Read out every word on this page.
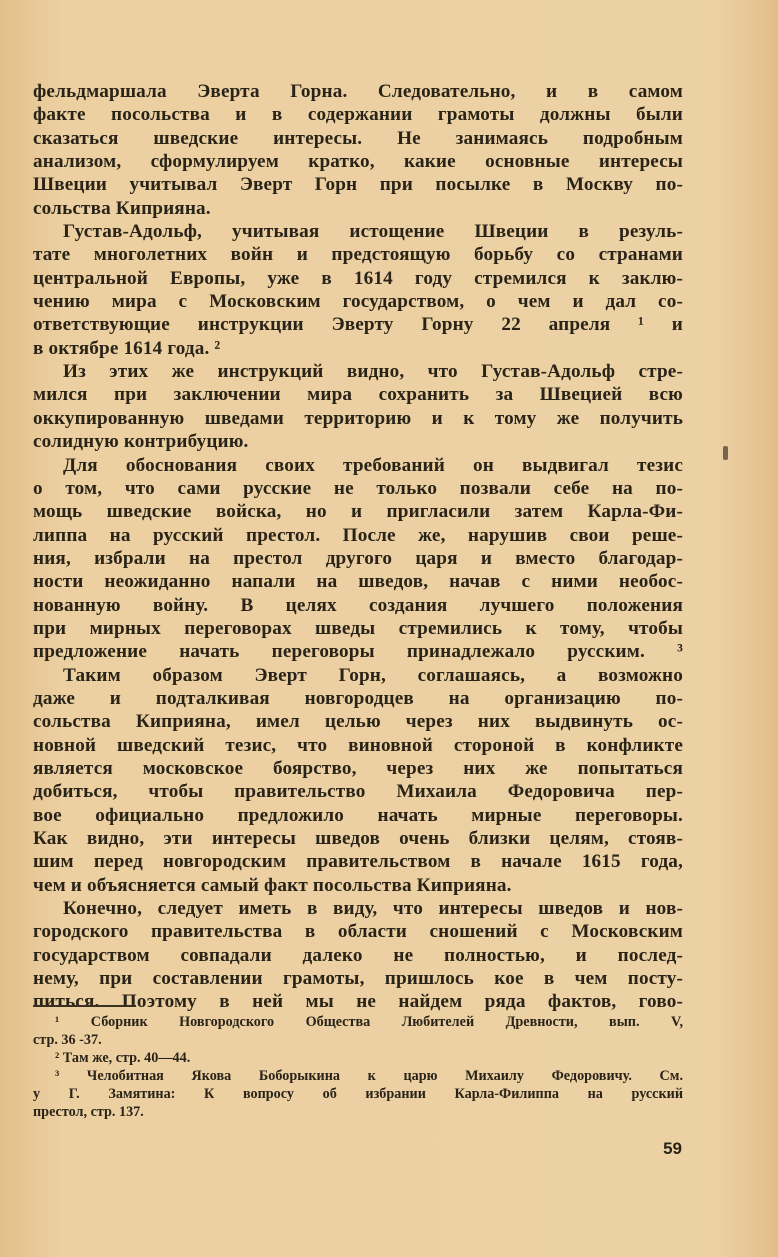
фельдмаршала Эверта Горна. Следовательно, и в самом
факте посольства и в содержании грамоты должны были
сказаться шведские интересы. Не занимаясь подробным
анализом, сформулируем кратко, какие основные интересы
Швеции учитывал Эверт Горн при посылке в Москву по-
сольства Киприяна.
Густав-Адольф, учитывая истощение Швеции в резуль-
тате многолетних войн и предстоящую борьбу со странами
центральной Европы, уже в 1614 году стремился к заклю-
чению мира с Московским государством, о чем и дал со-
ответствующие инструкции Эверту Горну 22 апреля ¹ и
в октябре 1614 года. ²
Из этих же инструкций видно, что Густав-Адольф стре-
мился при заключении мира сохранить за Швецией всю
оккупированную шведами территорию и к тому же получить
солидную контрибуцию.
Для обоснования своих требований он выдвигал тезис
о том, что сами русские не только позвали себе на по-
мощь шведские войска, но и пригласили затем Карла-Фи-
липпа на русский престол. После же, нарушив свои реше-
ния, избрали на престол другого царя и вместо благодар-
ности неожиданно напали на шведов, начав с ними необос-
нованную войну. В целях создания лучшего положения
при мирных переговорах шведы стремились к тому, чтобы
предложение начать переговоры принадлежало русским. ³
Таким образом Эверт Горн, соглашаясь, а возможно
даже и подталкивая новгородцев на организацию по-
сольства Киприяна, имел целью через них выдвинуть ос-
новной шведский тезис, что виновной стороной в конфликте
является московское боярство, через них же попытаться
добиться, чтобы правительство Михаила Федоровича пер-
вое официально предложило начать мирные переговоры.
Как видно, эти интересы шведов очень близки целям, стояв-
шим перед новгородским правительством в начале 1615 года,
чем и объясняется самый факт посольства Киприяна.
Конечно, следует иметь в виду, что интересы шведов и нов-
городского правительства в области сношений с Московским
государством совпадали далеко не полностью, и послед-
нему, при составлении грамоты, пришлось кое в чем посту-
питься. Поэтому в ней мы не найдем ряда фактов, гово-
¹ Сборник Новгородского Общества Любителей Древности, вып. V,
стр. 36 -37.
² Там же, стр. 40—44.
³ Челобитная Якова Боборыкина к царю Михаилу Федоровичу. См.
у Г. Замятина: К вопросу об избрании Карла-Филиппа на русский
престол, стр. 137.
59
